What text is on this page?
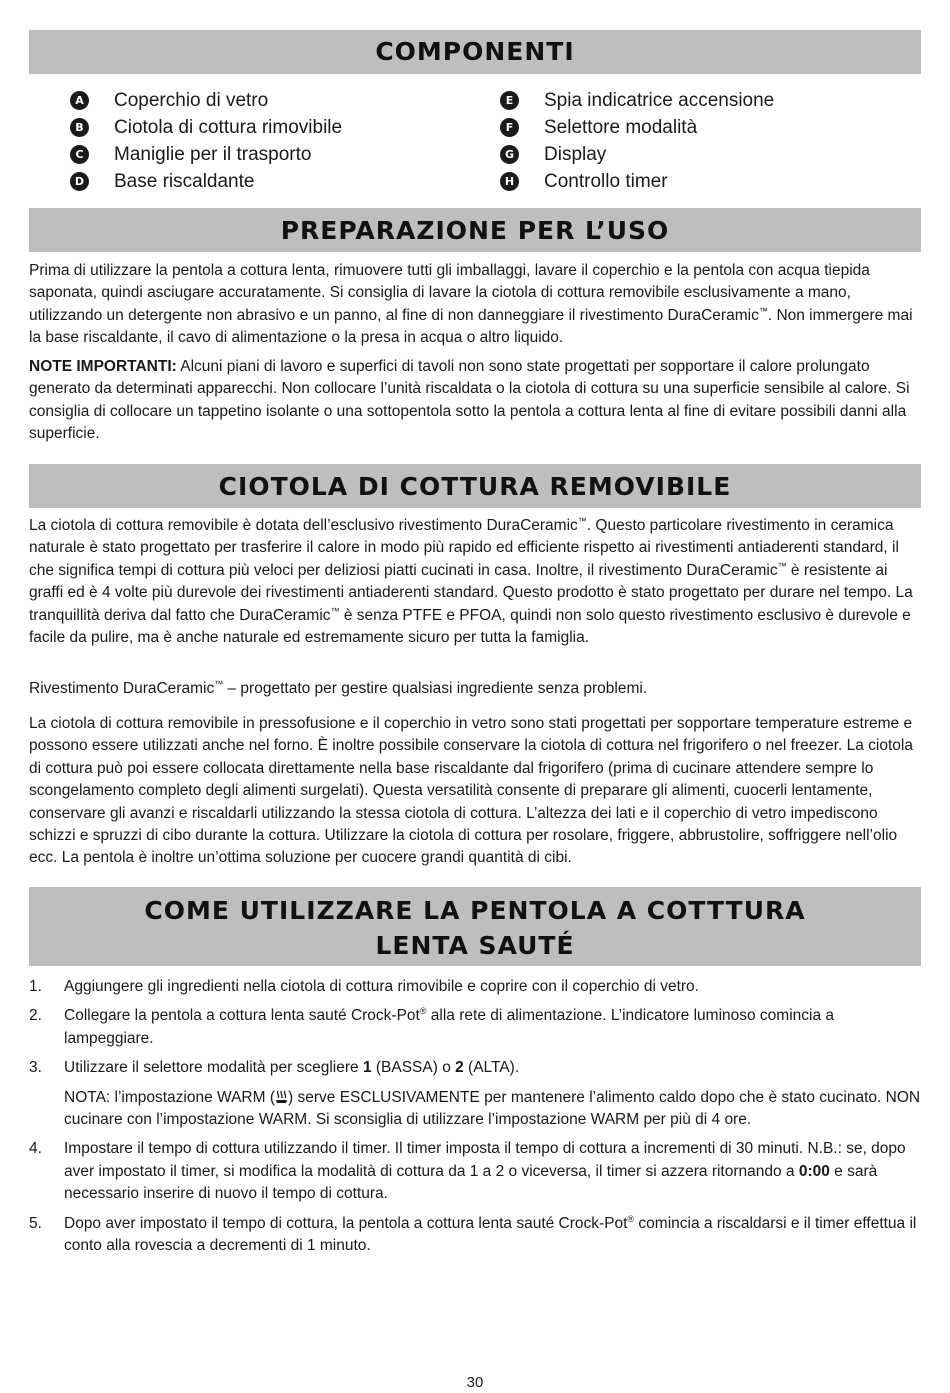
COMPONENTI
A Coperchio di vetro
B Ciotola di cottura rimovibile
C Maniglie per il trasporto
D Base riscaldante
E	Spia indicatrice accensione
F	Selettore modalità
G Display
H Controllo timer
PREPARAZIONE PER L’USO

Prima di utilizzare la pentola a cottura lenta, rimuovere tutti gli imballaggi, lavare il coperchio e la pentola con acqua tiepida saponata, quindi asciugare accuratamente. Si consiglia di lavare la ciotola di cottura removibile esclusivamente a mano, utilizzando un detergente non abrasivo e un panno, al fine di non danneggiare il rivestimento DuraCeramic™. Non immergere mai la base riscaldante, il cavo di alimentazione o la presa in acqua o altro liquido.

NOTE IMPORTANTI: Alcuni piani di lavoro e superfici di tavoli non sono state progettati per sopportare il calore prolungato generato da determinati apparecchi. Non collocare l’unità riscaldata o la ciotola di cottura su una superficie sensibile al calore. Si consiglia di collocare un tappetino isolante o una sottopentola sotto la pentola a cottura lenta al fine di evitare possibili danni alla superficie.

CIOTOLA DI COTTURA REMOVIBILE

La ciotola di cottura removibile è dotata dell’esclusivo rivestimento DuraCeramic™. Questo particolare rivestimento in ceramica naturale è stato progettato per trasferire il calore in modo più rapido ed efficiente rispetto ai rivestimenti antiaderenti standard, il che significa tempi di cottura più veloci per deliziosi piatti cucinati in casa. Inoltre, il rivestimento DuraCeramic™ è resistente ai graffi ed è 4 volte più durevole dei rivestimenti antiaderenti standard. Questo prodotto è stato progettato per durare nel tempo. La tranquillità deriva dal fatto che DuraCeramic™ è senza PTFE e PFOA, quindi non solo questo rivestimento esclusivo è durevole e facile da pulire, ma è anche naturale ed estremamente sicuro per tutta la famiglia.

Rivestimento DuraCeramic™ – progettato per gestire qualsiasi ingrediente senza problemi.

La ciotola di cottura removibile in pressofusione e il coperchio in vetro sono stati progettati per sopportare temperature estreme e possono essere utilizzati anche nel forno. È inoltre possibile conservare la ciotola di cottura nel frigorifero o nel freezer. La ciotola di cottura può poi essere collocata direttamente nella base riscaldante dal frigorifero (prima di cucinare attendere sempre lo scongelamento completo degli alimenti surgelati). Questa versatilità consente di preparare gli alimenti, cuocerli lentamente, conservare gli avanzi e riscaldarli utilizzando la stessa ciotola di cottura. L’altezza dei lati e il coperchio di vetro impediscono schizzi e spruzzi di cibo durante la cottura. Utilizzare la ciotola di cottura per rosolare, friggere, abbrustolire, soffriggere nell’olio ecc. La pentola è inoltre un’ottima soluzione per cuocere grandi quantità di cibi.

COME UTILIZZARE LA PENTOLA A COTTTURA
LENTA SAUTÉ
1.	Aggiungere gli ingredienti nella ciotola di cottura rimovibile e coprire con il coperchio di vetro.
2.	Collegare la pentola a cottura lenta sauté Crock-Pot® alla rete di alimentazione. L’indicatore luminoso comincia a lampeggiare.
3.	Utilizzare il selettore modalità per scegliere 1 (BASSA) o 2 (ALTA).
NOTA: l’impostazione WARM ( ) serve ESCLUSIVAMENTE per mantenere l’alimento caldo dopo che è stato cucinato. NON cucinare con l’impostazione WARM. Si sconsiglia di utilizzare l’impostazione WARM per più di 4 ore.
4.	Impostare il tempo di cottura utilizzando il timer. Il timer imposta il tempo di cottura a incrementi di 30 minuti. N.B.: se, dopo aver impostato il timer, si modifica la modalità di cottura da 1 a 2 o viceversa, il timer si azzera ritornando a 0:00 e sarà necessario inserire di nuovo il tempo di cottura.
5.	Dopo aver impostato il tempo di cottura, la pentola a cottura lenta sauté Crock-Pot® comincia a riscaldarsi e il timer effettua il conto alla rovescia a decrementi di 1 minuto.
30
